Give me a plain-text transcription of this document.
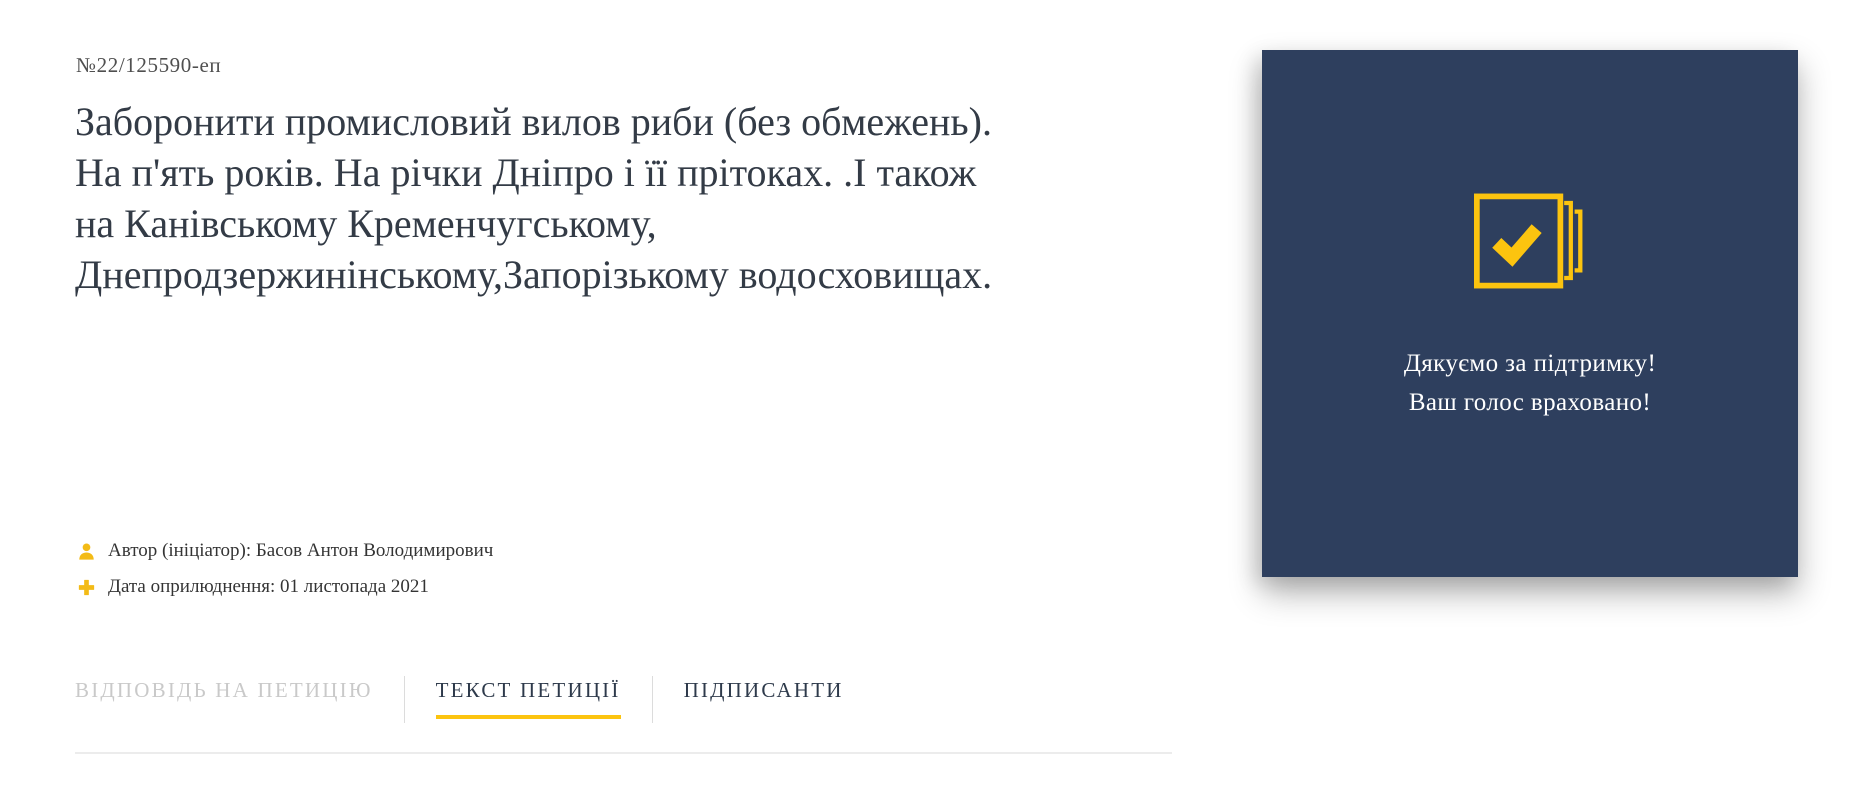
№22/125590-еп
Заборонити промисловий вилов риби (без обмежень). На п'ять років. На річки Дніпро і її прітоках. .І також на Канівському Кременчугському, Днепродзержинінському,Запорізькому водосховищах.
Автор (ініціатор): Басов Антон Володимирович
Дата оприлюднення: 01 листопада 2021
ВІДПОВІДЬ НА ПЕТИЦІЮ	ТЕКСТ ПЕТИЦІЇ	ПІДПИСАНТИ
Дякуємо за підтримку!
Ваш голос враховано!
